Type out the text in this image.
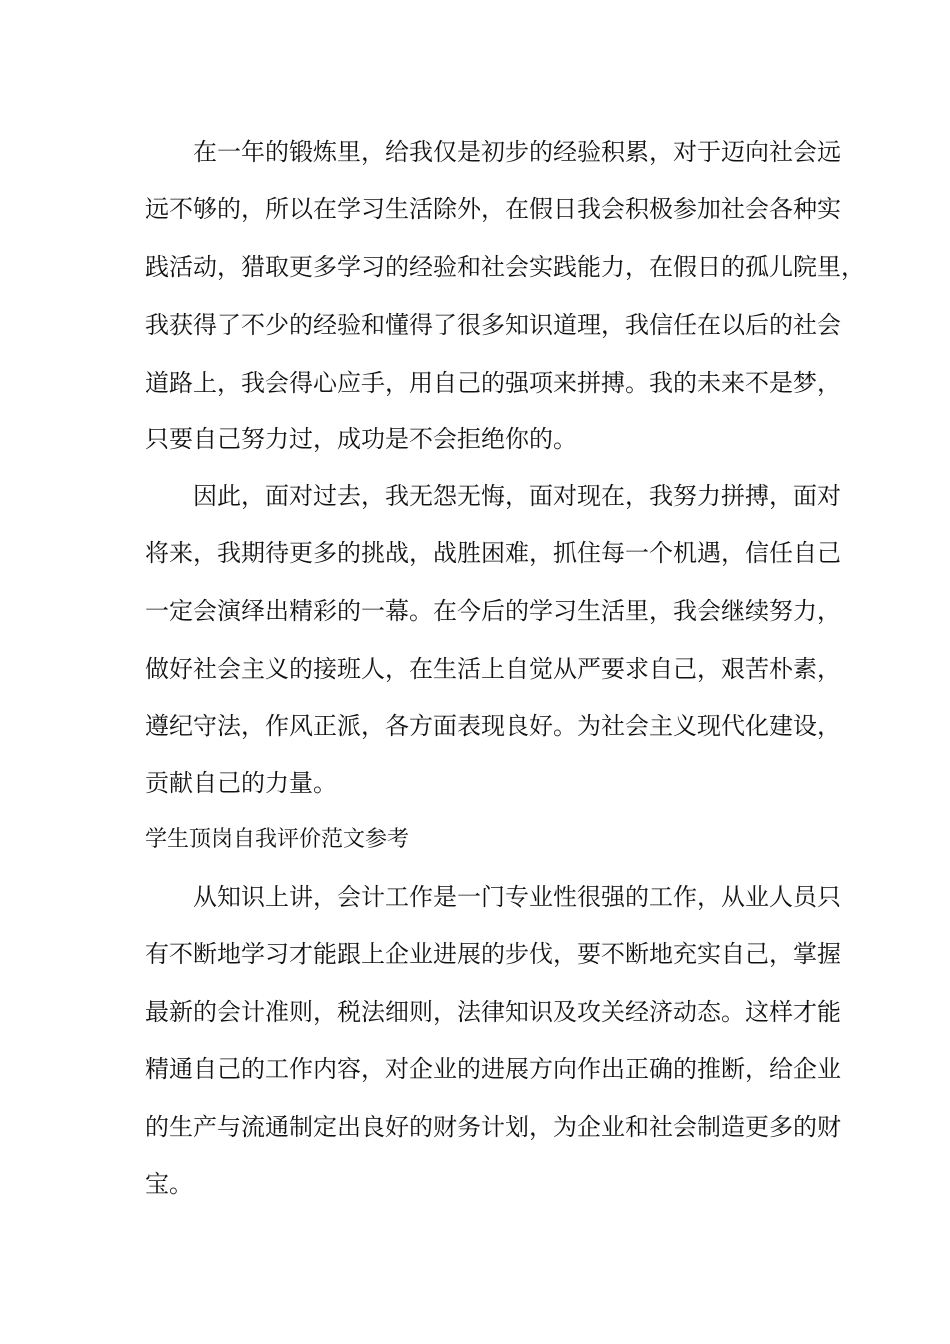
在一年的锻炼里，给我仅是初步的经验积累，对于迈向社会远
远不够的，所以在学习生活除外，在假日我会积极参加社会各种实
践活动，猎取更多学习的经验和社会实践能力，在假日的孤儿院里，
我获得了不少的经验和懂得了很多知识道理，我信任在以后的社会
道路上，我会得心应手，用自己的强项来拼搏。我的未来不是梦，
只要自己努力过，成功是不会拒绝你的。
因此，面对过去，我无怨无悔，面对现在，我努力拼搏，面对
将来，我期待更多的挑战，战胜困难，抓住每一个机遇，信任自己
一定会演绎出精彩的一幕。在今后的学习生活里，我会继续努力，
做好社会主义的接班人，在生活上自觉从严要求自己，艰苦朴素，
遵纪守法，作风正派，各方面表现良好。为社会主义现代化建设，
贡献自己的力量。
学生顶岗自我评价范文参考
从知识上讲，会计工作是一门专业性很强的工作，从业人员只
有不断地学习才能跟上企业进展的步伐，要不断地充实自己，掌握
最新的会计准则，税法细则，法律知识及攻关经济动态。这样才能
精通自己的工作内容，对企业的进展方向作出正确的推断，给企业
的生产与流通制定出良好的财务计划，为企业和社会制造更多的财
宝。
